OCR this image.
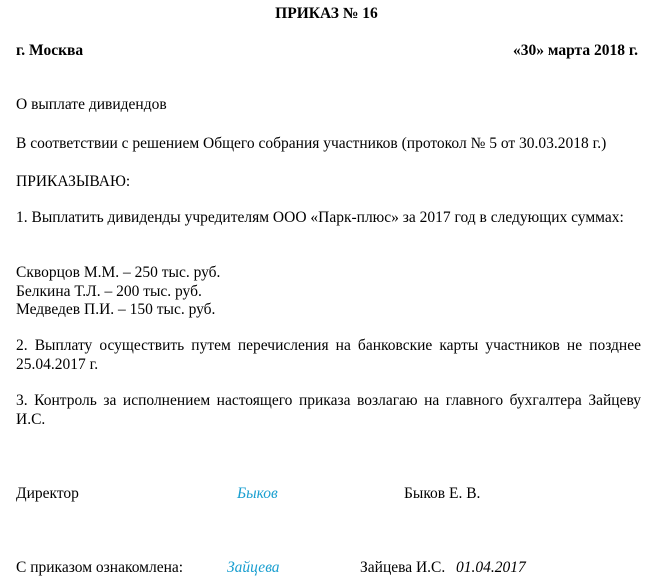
ПРИКАЗ № 16
г. Москва	«30» марта 2018 г.
О выплате дивидендов
В соответствии с решением Общего собрания участников (протокол № 5 от 30.03.2018 г.)
ПРИКАЗЫВАЮ:
1. Выплатить дивиденды учредителям ООО «Парк-плюс» за 2017 год в следующих суммах:
Скворцов М.М. – 250 тыс. руб.
Белкина Т.Л. – 200 тыс. руб.
Медведев П.И. – 150 тыс. руб.
2. Выплату осуществить путем перечисления на банковские карты участников не позднее 25.04.2017 г.
3. Контроль за исполнением настоящего приказа возлагаю на главного бухгалтера Зайцеву И.С.
Директор	Быков	Быков Е. В.
С приказом ознакомлена:	Зайцева	Зайцева И.С. 01.04.2017
